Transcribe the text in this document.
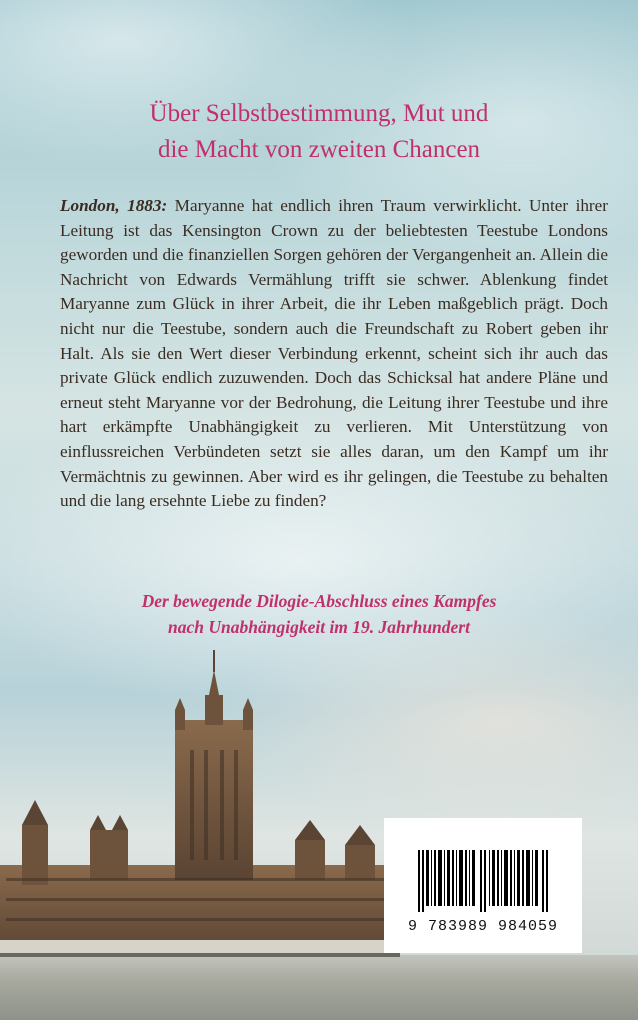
Über Selbstbestimmung, Mut und
die Macht von zweiten Chancen

London, 1883: Maryanne hat endlich ihren Traum verwirklicht. Unter ihrer Leitung ist das Kensington Crown zu der beliebtesten Teestube Londons geworden und die finanziellen Sorgen gehören der Vergangenheit an. Allein die Nachricht von Edwards Vermählung trifft sie schwer. Ablenkung findet Maryanne zum Glück in ihrer Arbeit, die ihr Leben maßgeblich prägt. Doch nicht nur die Teestube, sondern auch die Freundschaft zu Robert geben ihr Halt. Als sie den Wert dieser Verbindung erkennt, scheint sich ihr auch das private Glück endlich zuzuwenden. Doch das Schicksal hat andere Pläne und erneut steht Maryanne vor der Bedrohung, die Leitung ihrer Teestube und ihre hart erkämpfte Unabhängigkeit zu verlieren. Mit Unterstützung von einflussreichen Verbündeten setzt sie alles daran, um den Kampf um ihr Vermächtnis zu gewinnen. Aber wird es ihr gelingen, die Teestube zu behalten und die lang ersehnte Liebe zu finden?

Der bewegende Dilogie-Abschluss eines Kampfes
nach Unabhängigkeit im 19. Jahrhundert
9 783989 984059
